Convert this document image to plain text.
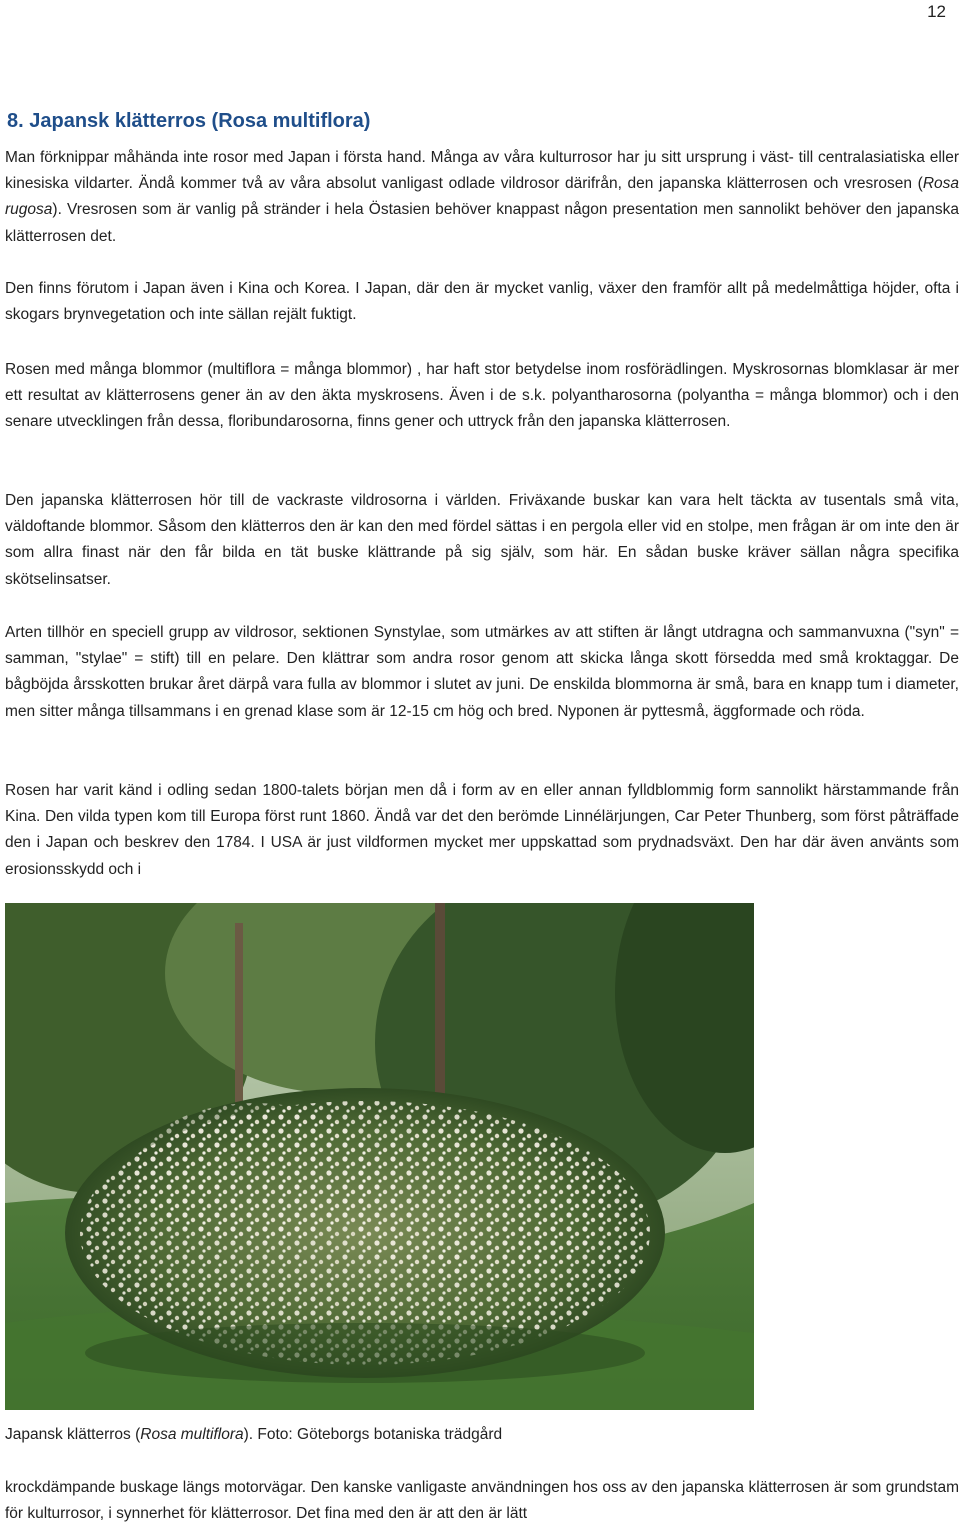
12
8. Japansk klätterros (Rosa multiflora)

Man förknippar måhända inte rosor med Japan i första hand. Många av våra kulturrosor har ju sitt ursprung i väst- till centralasiatiska eller kinesiska vildarter. Ändå kommer två av våra absolut vanligast odlade vildrosor därifrån, den japanska klätterrosen och vresrosen (Rosa rugosa). Vresrosen som är vanlig på stränder i hela Östasien behöver knappast någon presentation men sannolikt behöver den japanska klätterrosen det.

Den finns förutom i Japan även i Kina och Korea. I Japan, där den är mycket vanlig, växer den framför allt på medelmåttiga höjder, ofta i skogars brynvegetation och inte sällan rejält fuktigt.

Rosen med många blommor (multiflora = många blommor) , har haft stor betydelse inom rosförädlingen. Myskrosornas blomklasar är mer ett resultat av klätterrosens gener än av den äkta myskrosens. Även i de s.k. polyantharosorna (polyantha = många blommor) och i den senare utvecklingen från dessa, floribundarosorna, finns gener och uttryck från den japanska klätterrosen.

Den japanska klätterrosen hör till de vackraste vildrosorna i världen. Friväxande buskar kan vara helt täckta av tusentals små vita, väldoftande blommor. Såsom den klätterros den är kan den med fördel sättas i en pergola eller vid en stolpe, men frågan är om inte den är som allra finast när den får bilda en tät buske klättrande på sig själv, som här. En sådan buske kräver sällan några specifika skötselinsatser.

Arten tillhör en speciell grupp av vildrosor, sektionen Synstylae, som utmärkes av att stiften är långt utdragna och sammanvuxna ("syn" = samman, "stylae" = stift) till en pelare. Den klättrar som andra rosor genom att skicka långa skott försedda med små kroktaggar. De bågböjda årsskotten brukar året därpå vara fulla av blommor i slutet av juni. De enskilda blommorna är små, bara en knapp tum i diameter, men sitter många tillsammans i en grenad klase som är 12-15 cm hög och bred. Nyponen är pyttesmå, äggformade och röda.

Rosen har varit känd i odling sedan 1800-talets början men då i form av en eller annan fylldblommig form sannolikt härstammande från Kina. Den vilda typen kom till Europa först runt 1860. Ändå var det den berömde Linnélärjungen, Car Peter Thunberg, som först påträffade den i Japan och beskrev den 1784. I USA är just vildformen mycket mer uppskattad som prydnadsväxt. Den har där även använts som erosionsskydd och i

Japansk klätterros (Rosa multiflora). Foto: Göteborgs botaniska trädgård

krockdämpande buskage längs motorvägar. Den kanske vanligaste användningen hos oss av den japanska klätterrosen är som grundstam för kulturrosor, i synnerhet för klätterrosor. Det fina med den är att den är lätt
